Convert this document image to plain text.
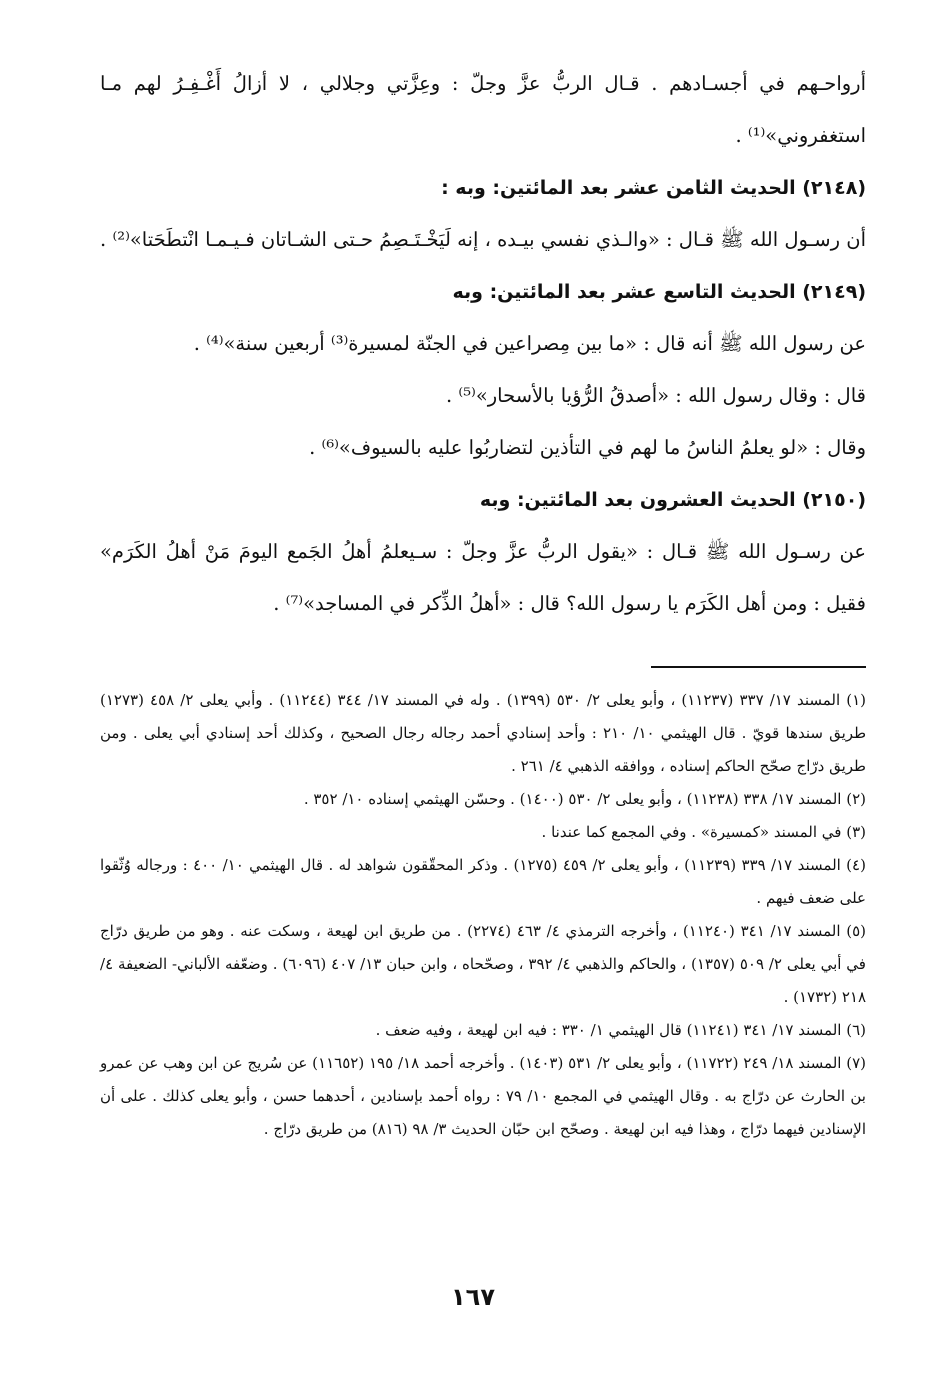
أرواحـهم في أجسـادهم . قـال الربُّ عزَّ وجلّ : وعِزَّتي وجلالي ، لا أزالُ أَغْـفِـرُ لهم مـا استغفروني»⁽¹⁾ .

(٢١٤٨) الحديث الثامن عشر بعد المائتين: وبه :

أن رسـول الله ﷺ قـال : «والـذي نفسي بيـده ، إنه لَيَخْـتَـصِمُ حـتى الشـاتان فـيـمـا انْتطَحَتا»⁽²⁾ .

(٢١٤٩) الحديث التاسع عشر بعد المائتين: وبه

عن رسول الله ﷺ أنه قال : «ما بين مِصراعين في الجنّة لمسيرة⁽³⁾ أربعين سنة»⁽⁴⁾ .

قال : وقال رسول الله : «أصدقُ الرُّؤيا بالأسحار»⁽⁵⁾ .

وقال : «لو يعلمُ الناسُ ما لهم في التأذين لتضاربُوا عليه بالسيوف»⁽⁶⁾ .

(٢١٥٠) الحديث العشرون بعد المائتين: وبه

عن رسـول الله ﷺ قـال : «يقول الربُّ عزَّ وجلّ : سـيعلمُ أهلُ الجَمع اليومَ مَنْ أهلُ الكَرَم» فقيل : ومن أهل الكَرَم يا رسول الله؟ قال : «أهلُ الذِّكر في المساجد»⁽⁷⁾ .

(١) المسند ١٧/ ٣٣٧ (١١٢٣٧) ، وأبو يعلى ٢/ ٥٣٠ (١٣٩٩) . وله في المسند ١٧/ ٣٤٤ (١١٢٤٤) . وأبي يعلى ٢/ ٤٥٨ (١٢٧٣) طريق سندها قويّ . قال الهيثمي ١٠/ ٢١٠ : وأحد إسنادي أحمد رجاله رجال الصحيح ، وكذلك أحد إسنادي أبي يعلى . ومن طريق درّاج صحّح الحاكم إسناده ، ووافقه الذهبي ٤/ ٢٦١ .

(٢) المسند ١٧/ ٣٣٨ (١١٢٣٨) ، وأبو يعلى ٢/ ٥٣٠ (١٤٠٠) . وحسّن الهيثمي إسناده ١٠/ ٣٥٢ .

(٣) في المسند «كمسيرة» . وفي المجمع كما عندنا .

(٤) المسند ١٧/ ٣٣٩ (١١٢٣٩) ، وأبو يعلى ٢/ ٤٥٩ (١٢٧٥) . وذكر المحقّقون شواهد له . قال الهيثمي ١٠/ ٤٠٠ : ورجاله وُثّقوا على ضعف فيهم .

(٥) المسند ١٧/ ٣٤١ (١١٢٤٠) ، وأخرجه الترمذي ٤/ ٤٦٣ (٢٢٧٤) . من طريق ابن لهيعة ، وسكت عنه . وهو من طريق درّاج في أبي يعلى ٢/ ٥٠٩ (١٣٥٧) ، والحاكم والذهبي ٤/ ٣٩٢ ، وصحّحاه ، وابن حبان ١٣/ ٤٠٧ (٦٠٩٦) . وضعّفه الألباني- الضعيفة ٤/ ٢١٨ (١٧٣٢) .

(٦) المسند ١٧/ ٣٤١ (١١٢٤١) قال الهيثمي ١/ ٣٣٠ : فيه ابن لهيعة ، وفيه ضعف .

(٧) المسند ١٨/ ٢٤٩ (١١٧٢٢) ، وأبو يعلى ٢/ ٥٣١ (١٤٠٣) . وأخرجه أحمد ١٨/ ١٩٥ (١١٦٥٢) عن سُريج عن ابن وهب عن عمرو بن الحارث عن درّاج به . وقال الهيثمي في المجمع ١٠/ ٧٩ : رواه أحمد بإسنادين ، أحدهما حسن ، وأبو يعلى كذلك . على أن الإسنادين فيهما درّاج ، وهذا فيه ابن لهيعة . وصحّح ابن حبّان الحديث ٣/ ٩٨ (٨١٦) من طريق درّاج .

١٦٧
